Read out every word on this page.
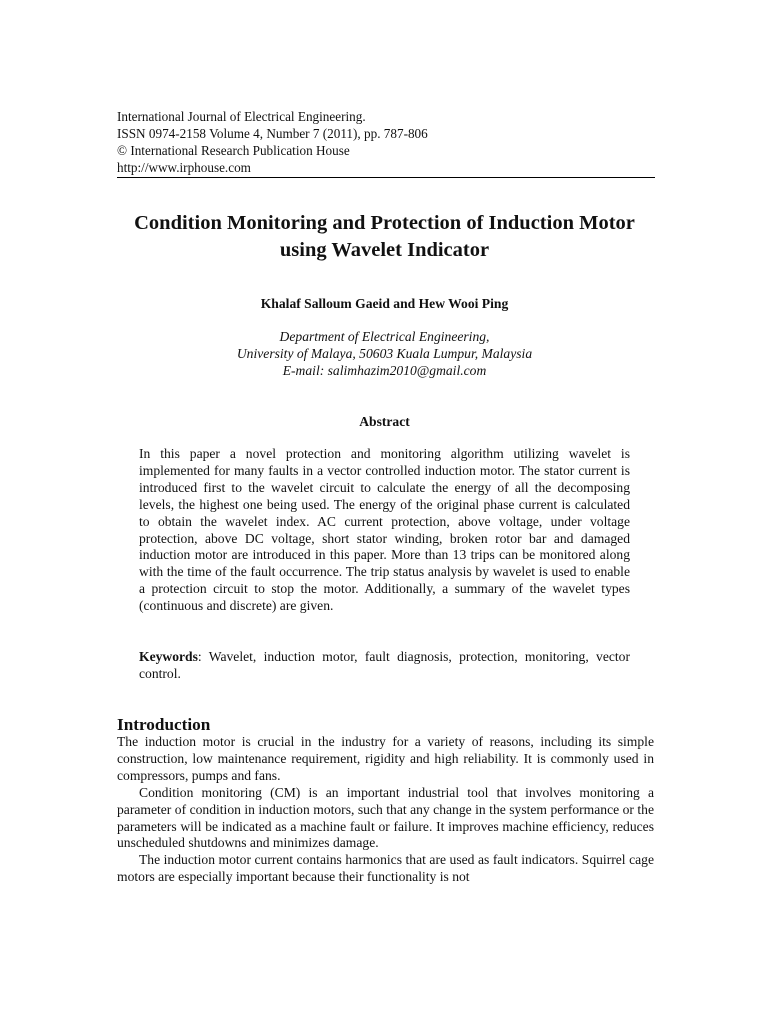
International Journal of Electrical Engineering.
ISSN 0974-2158 Volume 4, Number 7 (2011), pp. 787-806
© International Research Publication House
http://www.irphouse.com
Condition Monitoring and Protection of Induction Motor using Wavelet Indicator
Khalaf Salloum Gaeid and Hew Wooi Ping
Department of Electrical Engineering,
University of Malaya, 50603 Kuala Lumpur, Malaysia
E-mail: salimhazim2010@gmail.com
Abstract
In this paper a novel protection and monitoring algorithm utilizing wavelet is implemented for many faults in a vector controlled induction motor. The stator current is introduced first to the wavelet circuit to calculate the energy of all the decomposing levels, the highest one being used. The energy of the original phase current is calculated to obtain the wavelet index. AC current protection, above voltage, under voltage protection, above DC voltage, short stator winding, broken rotor bar and damaged induction motor are introduced in this paper. More than 13 trips can be monitored along with the time of the fault occurrence. The trip status analysis by wavelet is used to enable a protection circuit to stop the motor. Additionally, a summary of the wavelet types (continuous and discrete) are given.
Keywords: Wavelet, induction motor, fault diagnosis, protection, monitoring, vector control.
Introduction

The induction motor is crucial in the industry for a variety of reasons, including its simple construction, low maintenance requirement, rigidity and high reliability. It is commonly used in compressors, pumps and fans.

Condition monitoring (CM) is an important industrial tool that involves monitoring a parameter of condition in induction motors, such that any change in the system performance or the parameters will be indicated as a machine fault or failure. It improves machine efficiency, reduces unscheduled shutdowns and minimizes damage.

The induction motor current contains harmonics that are used as fault indicators. Squirrel cage motors are especially important because their functionality is not
